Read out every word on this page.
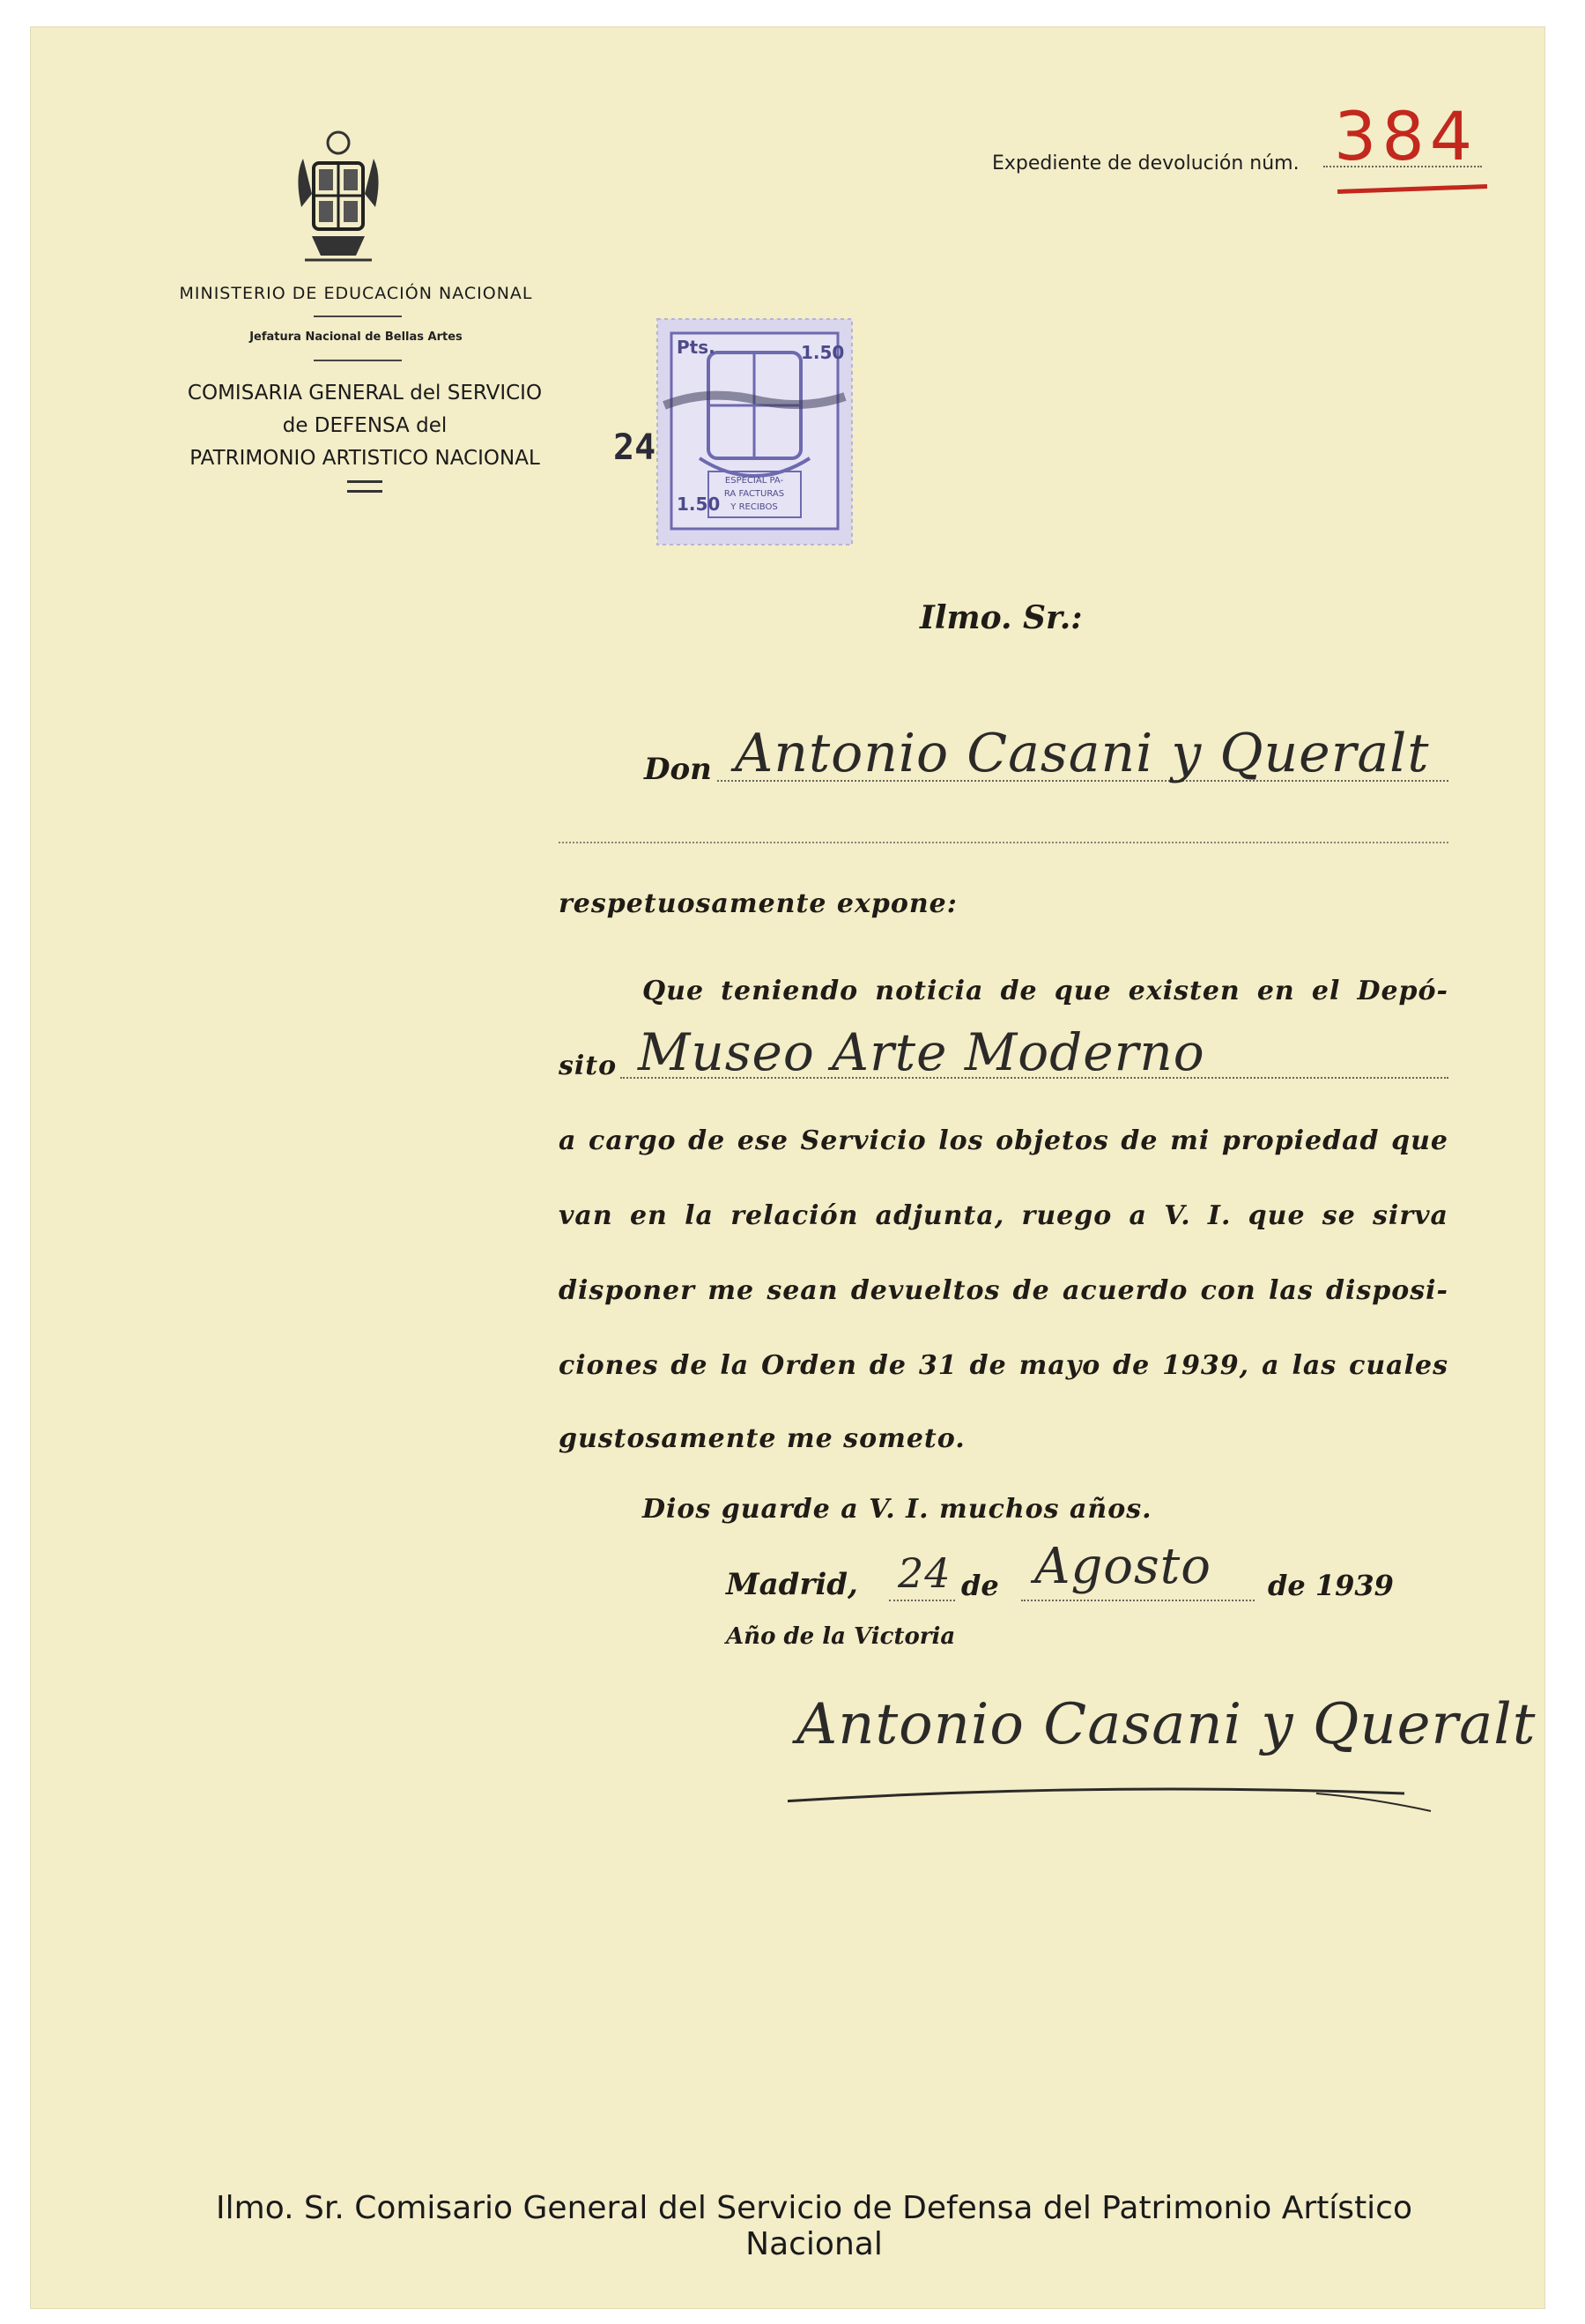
MINISTERIO DE EDUCACIÓN NACIONAL
Jefatura Nacional de Bellas Artes
COMISARIA GENERAL del SERVICIO
de DEFENSA del
PATRIMONIO ARTISTICO NACIONAL
Expediente de devolución núm. 384
Pts.	1.50
1.50
ESPECIAL PA-
RA FACTURAS
Y RECIBOS
24
Ilmo. Sr.:
Don Antonio Casani y Queralt
respetuosamente expone:
Que teniendo noticia de que existen en el Depó-
sito Museo Arte Moderno
a cargo de ese Servicio los objetos de mi propiedad que
van en la relación adjunta, ruego a V. I. que se sirva
disponer me sean devueltos de acuerdo con las disposi-
ciones de la Orden de 31 de mayo de 1939, a las cuales
gustosamente me someto.
Dios guarde a V. I. muchos años.
Madrid, 24 de Agosto de 1939
Año de la Victoria
Antonio Casani y Queralt
Ilmo. Sr. Comisario General del Servicio de Defensa del Patrimonio Artístico Nacional
